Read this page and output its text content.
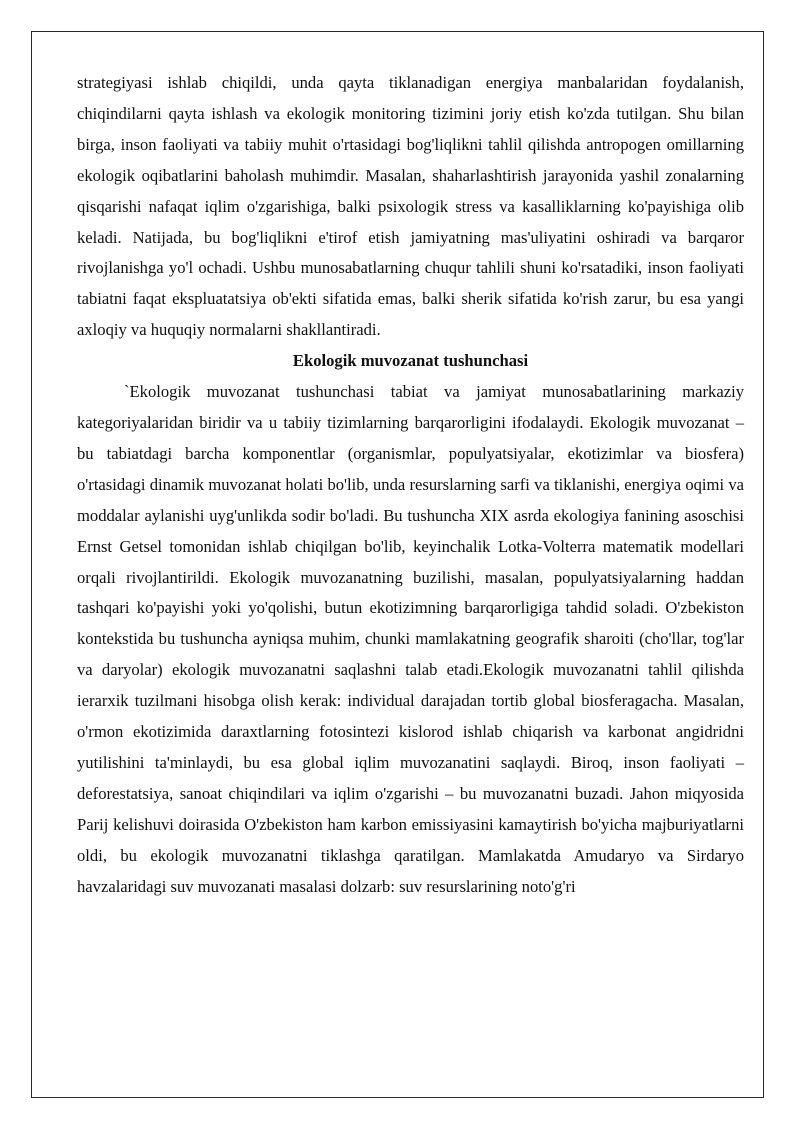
strategiyasi ishlab chiqildi, unda qayta tiklanadigan energiya manbalaridan foydalanish, chiqindilarni qayta ishlash va ekologik monitoring tizimini joriy etish ko'zda tutilgan. Shu bilan birga, inson faoliyati va tabiiy muhit o'rtasidagi bog'liqlikni tahlil qilishda antropogen omillarning ekologik oqibatlarini baholash muhimdir. Masalan, shaharlashtirish jarayonida yashil zonalarning qisqarishi nafaqat iqlim o'zgarishiga, balki psixologik stress va kasalliklarning ko'payishiga olib keladi. Natijada, bu bog'liqlikni e'tirof etish jamiyatning mas'uliyatini oshiradi va barqaror rivojlanishga yo'l ochadi. Ushbu munosabatlarning chuqur tahlili shuni ko'rsatadiki, inson faoliyati tabiatni faqat ekspluatatsiya ob'ekti sifatida emas, balki sherik sifatida ko'rish zarur, bu esa yangi axloqiy va huquqiy normalarni shakllantiradi.

Ekologik muvozanat tushunchasi

`Ekologik muvozanat tushunchasi tabiat va jamiyat munosabatlarining markaziy kategoriyalaridan biridir va u tabiiy tizimlarning barqarorligini ifodalaydi. Ekologik muvozanat – bu tabiatdagi barcha komponentlar (organismlar, populyatsiyalar, ekotizimlar va biosfera) o'rtasidagi dinamik muvozanat holati bo'lib, unda resurslarning sarfi va tiklanishi, energiya oqimi va moddalar aylanishi uyg'unlikda sodir bo'ladi. Bu tushuncha XIX asrda ekologiya fanining asoschisi Ernst Getsel tomonidan ishlab chiqilgan bo'lib, keyinchalik Lotka-Volterra matematik modellari orqali rivojlantirildi. Ekologik muvozanatning buzilishi, masalan, populyatsiyalarning haddan tashqari ko'payishi yoki yo'qolishi, butun ekotizimning barqarorligiga tahdid soladi. O'zbekiston kontekstida bu tushuncha ayniqsa muhim, chunki mamlakatning geografik sharoiti (cho'llar, tog'lar va daryolar) ekologik muvozanatni saqlashni talab etadi.Ekologik muvozanatni tahlil qilishda ierarxik tuzilmani hisobga olish kerak: individual darajadan tortib global biosferagacha. Masalan, o'rmon ekotizimida daraxtlarning fotosintezi kislorod ishlab chiqarish va karbonat angidridni yutilishini ta'minlaydi, bu esa global iqlim muvozanatini saqlaydi. Biroq, inson faoliyati – deforestatsiya, sanoat chiqindilari va iqlim o'zgarishi – bu muvozanatni buzadi. Jahon miqyosida Parij kelishuvi doirasida O'zbekiston ham karbon emissiyasini kamaytirish bo'yicha majburiyatlarni oldi, bu ekologik muvozanatni tiklashga qaratilgan. Mamlakatda Amudaryo va Sirdaryo havzalaridagi suv muvozanati masalasi dolzarb: suv resurslarining noto'g'ri
